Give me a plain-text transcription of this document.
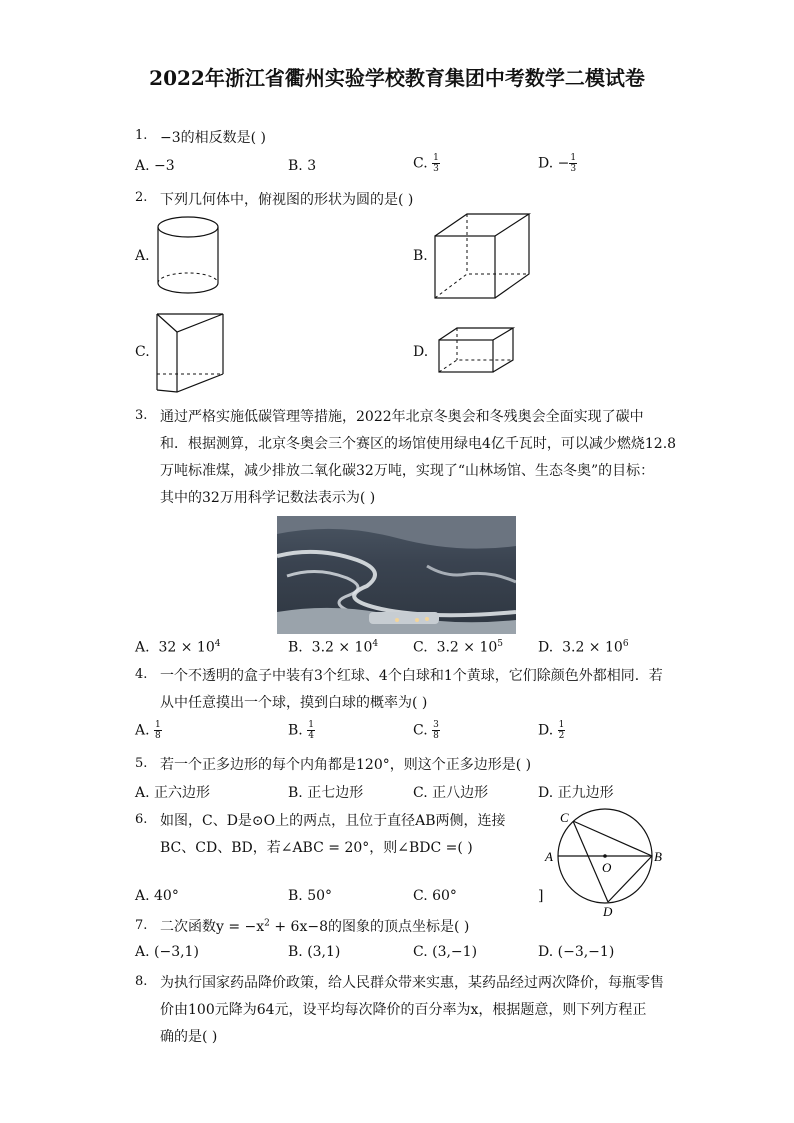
2022年浙江省衢州实验学校教育集团中考数学二模试卷
1. −3的相反数是( )
A. −3	B. 3	C. $\frac{1}{3}$	D. − $\frac{1}{3}$
2. 下列几何体中，俯视图的形状为圆的是( )
A.	B.
C.	D.
3. 通过严格实施低碳管理等措施，2022年北京冬奥会和冬残奥会全面实现了碳中
和．根据测算，北京冬奥会三个赛区的场馆使用绿电4亿千瓦时，可以减少燃烧12.8
万吨标准煤，减少排放二氧化碳32万吨，实现了“山林场馆、生态冬奥”的目标：
其中的32万用科学记数法表示为( )
A. $32 \times 10^4$	B. $3.2 \times 10^4$ C. $3.2 \times 10^5$ D. $3.2 \times 10^6$
4. 一个不透明的盒子中装有3个红球、4个白球和1个黄球，它们除颜色外都相同．若
从中任意摸出一个球，摸到白球的概率为( )
A. $\frac{1}{8}$	B. $\frac{1}{4}$	C. $\frac{3}{8}$	D. $\frac{1}{2}$
5. 若一个正多边形的每个内角都是120°，则这个正多边形是( )
A. 正六边形	B. 正七边形	C. 正八边形	D. 正九边形
6. 如图，C、D是⊙O上的两点，且位于直径AB两侧，连接
BC、CD、BD，若∠ABC = 20°，则∠BDC =( )
A. 40°	B. 50°	C. 60°	]
C
A	B
O
D
7. 二次函数$y = -x^2 + 6x-8$的图象的顶点坐标是( )
A. (−3,1)	B. (3,1)	C. (3,−1)	D. (−3,−1)
8. 为执行国家药品降价政策，给人民群众带来实惠，某药品经过两次降价，每瓶零售
价由100元降为64元，设平均每次降价的百分率为x，根据题意，则下列方程正
确的是( )
